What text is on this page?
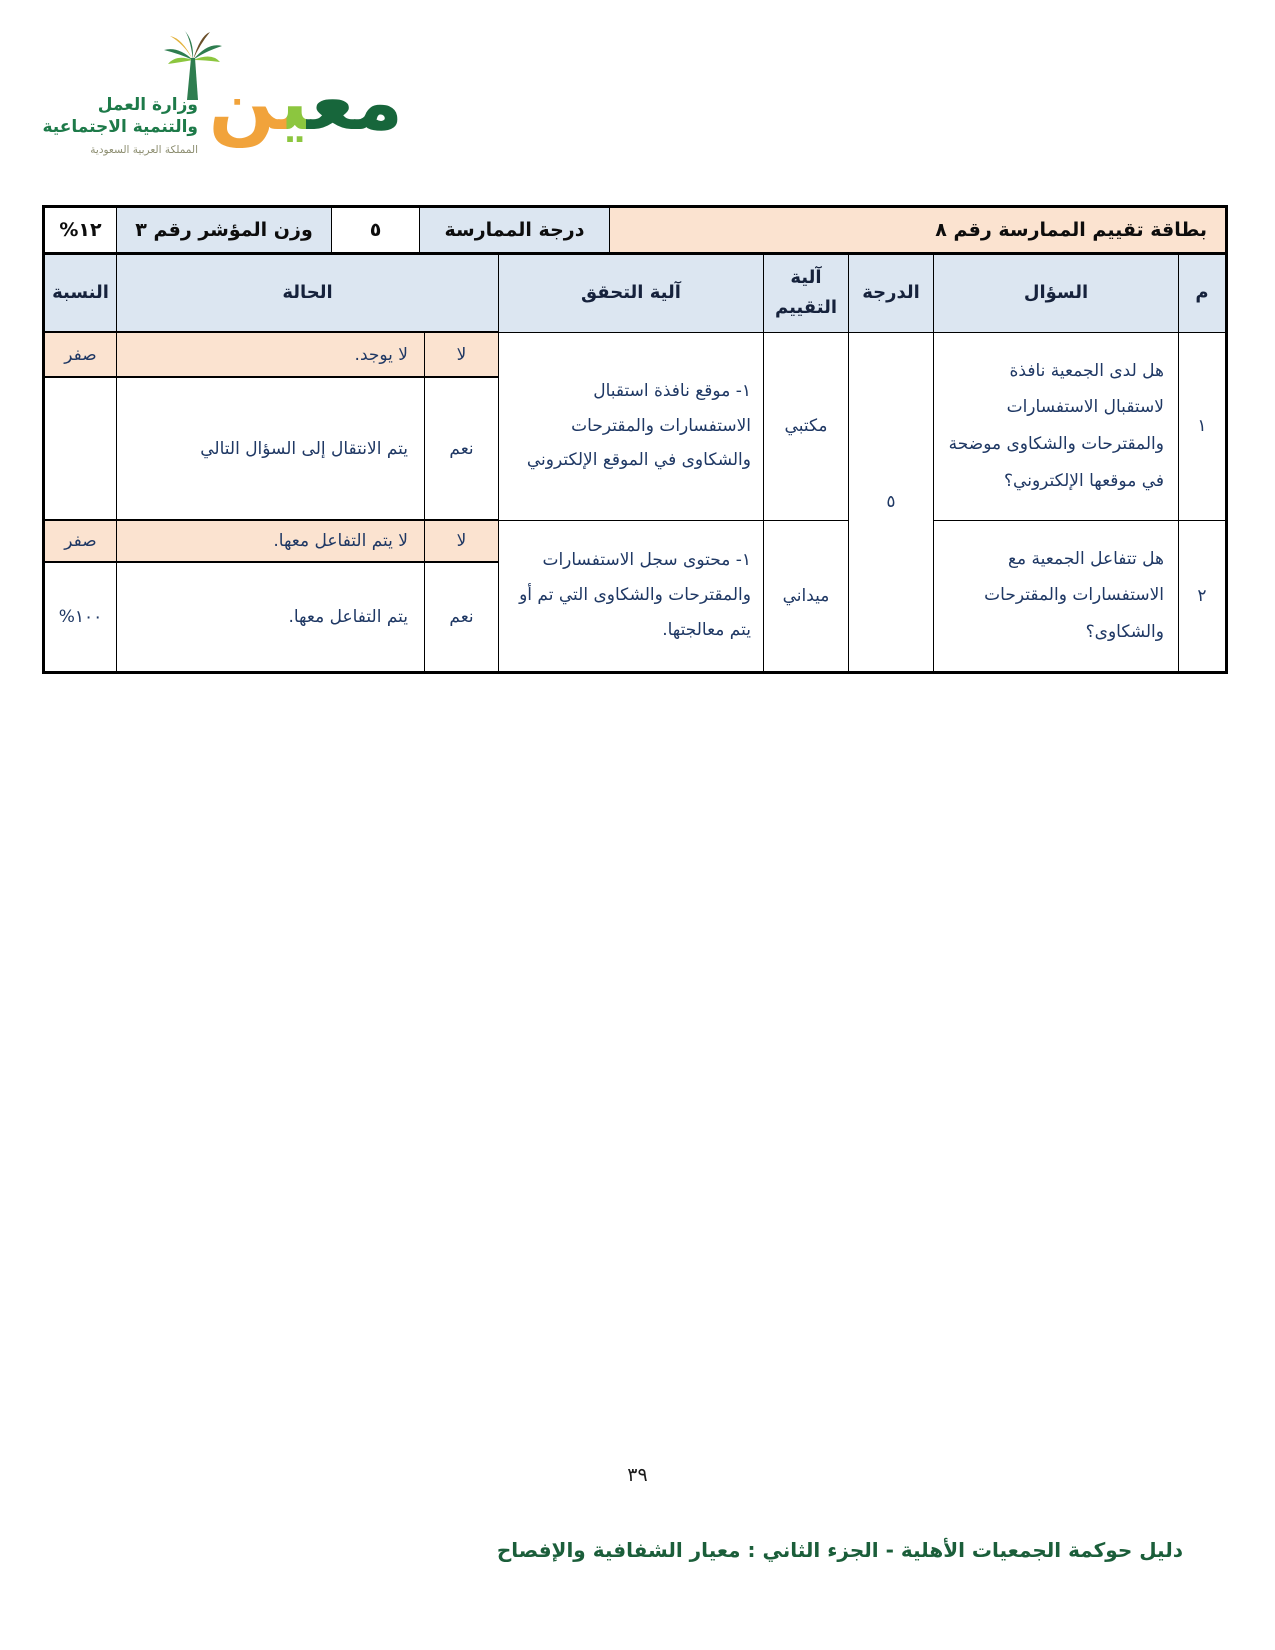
وزارة العمل
والتنمية الاجتماعية
المملكة العربية السعودية
معين
بطاقة تقييم الممارسة رقم ٨	درجة الممارسة	٥	وزن المؤشر رقم ٣	١٢%
م	السؤال	الدرجة	آلية التقييم	آلية التحقق	الحالة		النسبة
١	هل لدى الجمعية نافذة لاستقبال الاستفسارات والمقترحات والشكاوى موضحة في موقعها الإلكتروني؟	٥	مكتبي	١- موقع نافذة استقبال الاستفسارات والمقترحات والشكاوى في الموقع الإلكتروني	لا	لا يوجد.	صفر
					نعم	يتم الانتقال إلى السؤال التالي	
٢	هل تتفاعل الجمعية مع الاستفسارات والمقترحات والشكاوى؟		ميداني	١- محتوى سجل الاستفسارات والمقترحات والشكاوى التي تم أو يتم معالجتها.	لا	لا يتم التفاعل معها.	صفر
					نعم	يتم التفاعل معها.	١٠٠%
٣٩
دليل حوكمة الجمعيات الأهلية - الجزء الثاني : معيار الشفافية والإفصاح
